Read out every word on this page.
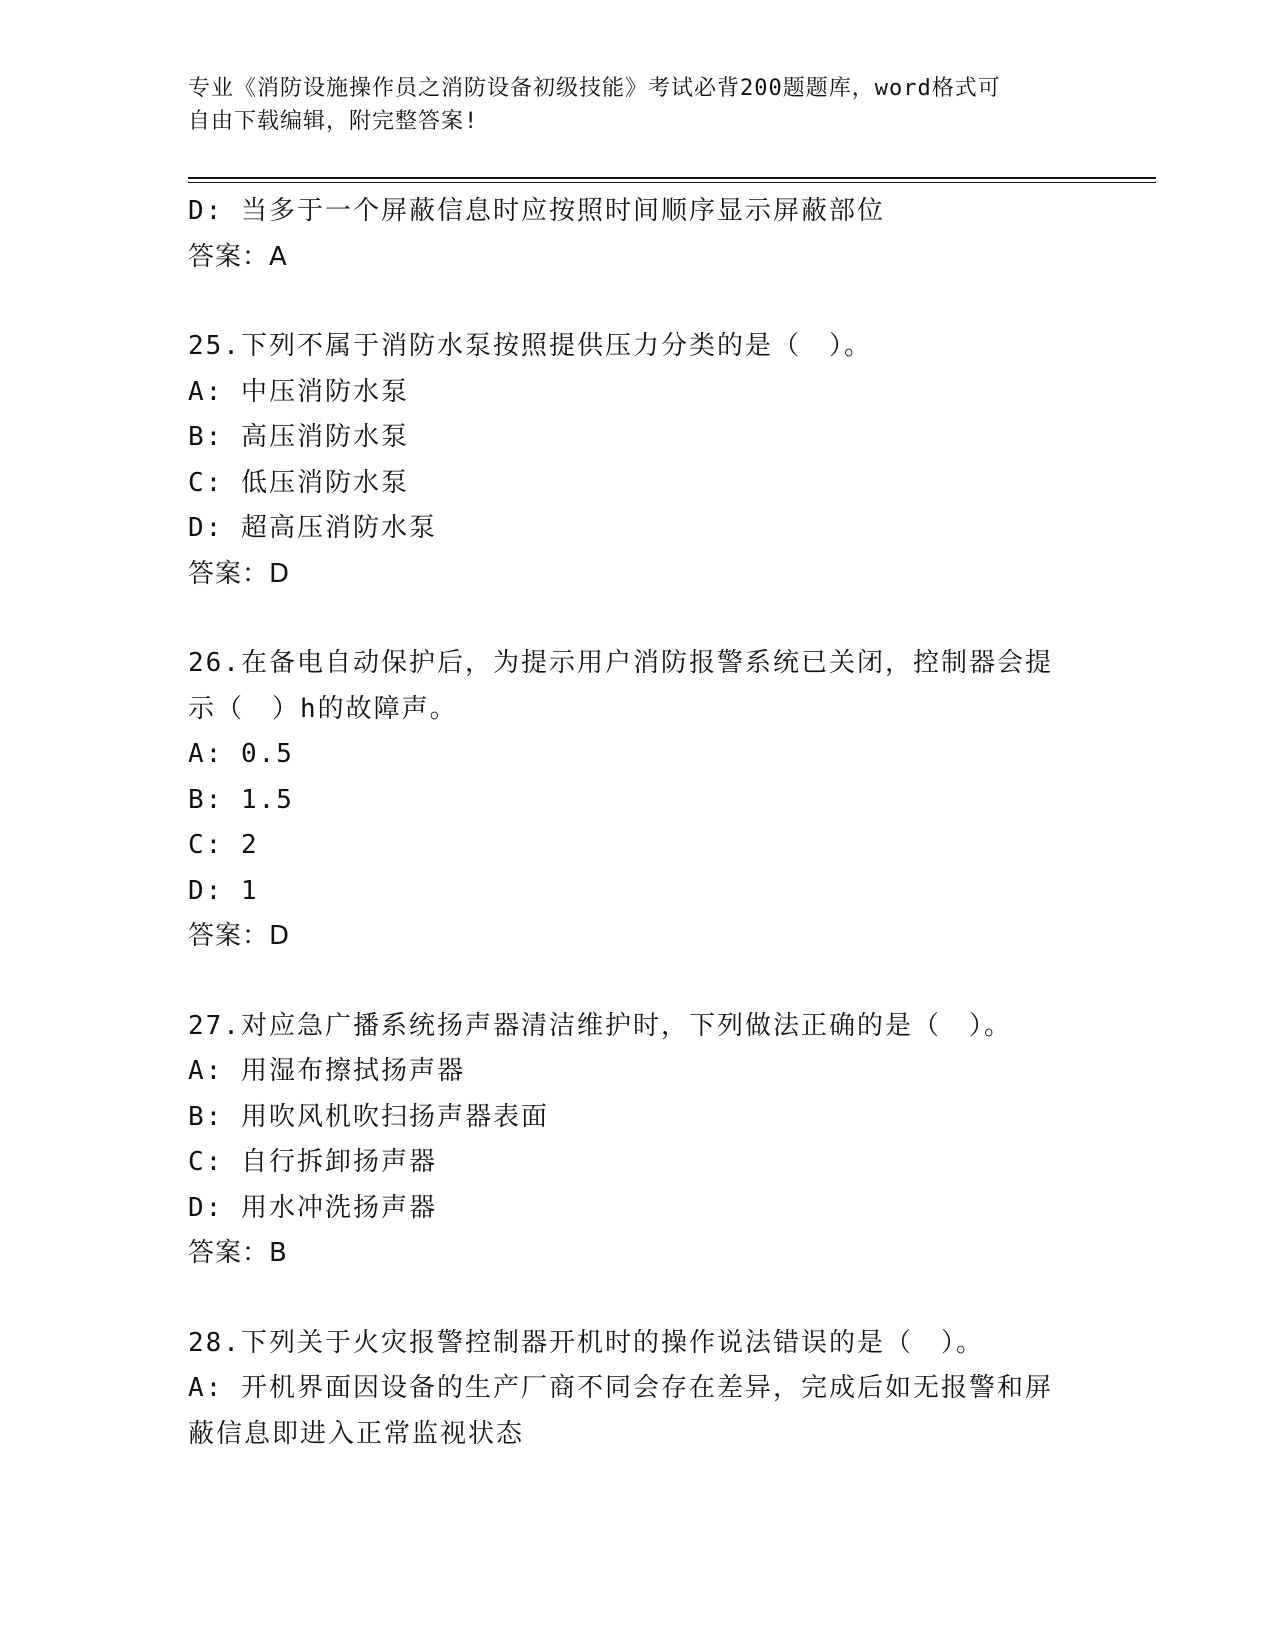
专业《消防设施操作员之消防设备初级技能》考试必背200题题库，word格式可
自由下载编辑，附完整答案!
D: 当多于一个屏蔽信息时应按照时间顺序显示屏蔽部位
答案：A
25.下列不属于消防水泵按照提供压力分类的是（　）。
A: 中压消防水泵
B: 高压消防水泵
C: 低压消防水泵
D: 超高压消防水泵
答案：D
26.在备电自动保护后，为提示用户消防报警系统已关闭，控制器会提
示（　）h的故障声。
A: 0.5
B: 1.5
C: 2
D: 1
答案：D
27.对应急广播系统扬声器清洁维护时，下列做法正确的是（　）。
A: 用湿布擦拭扬声器
B: 用吹风机吹扫扬声器表面
C: 自行拆卸扬声器
D: 用水冲洗扬声器
答案：B
28.下列关于火灾报警控制器开机时的操作说法错误的是（　）。
A: 开机界面因设备的生产厂商不同会存在差异，完成后如无报警和屏
蔽信息即进入正常监视状态
